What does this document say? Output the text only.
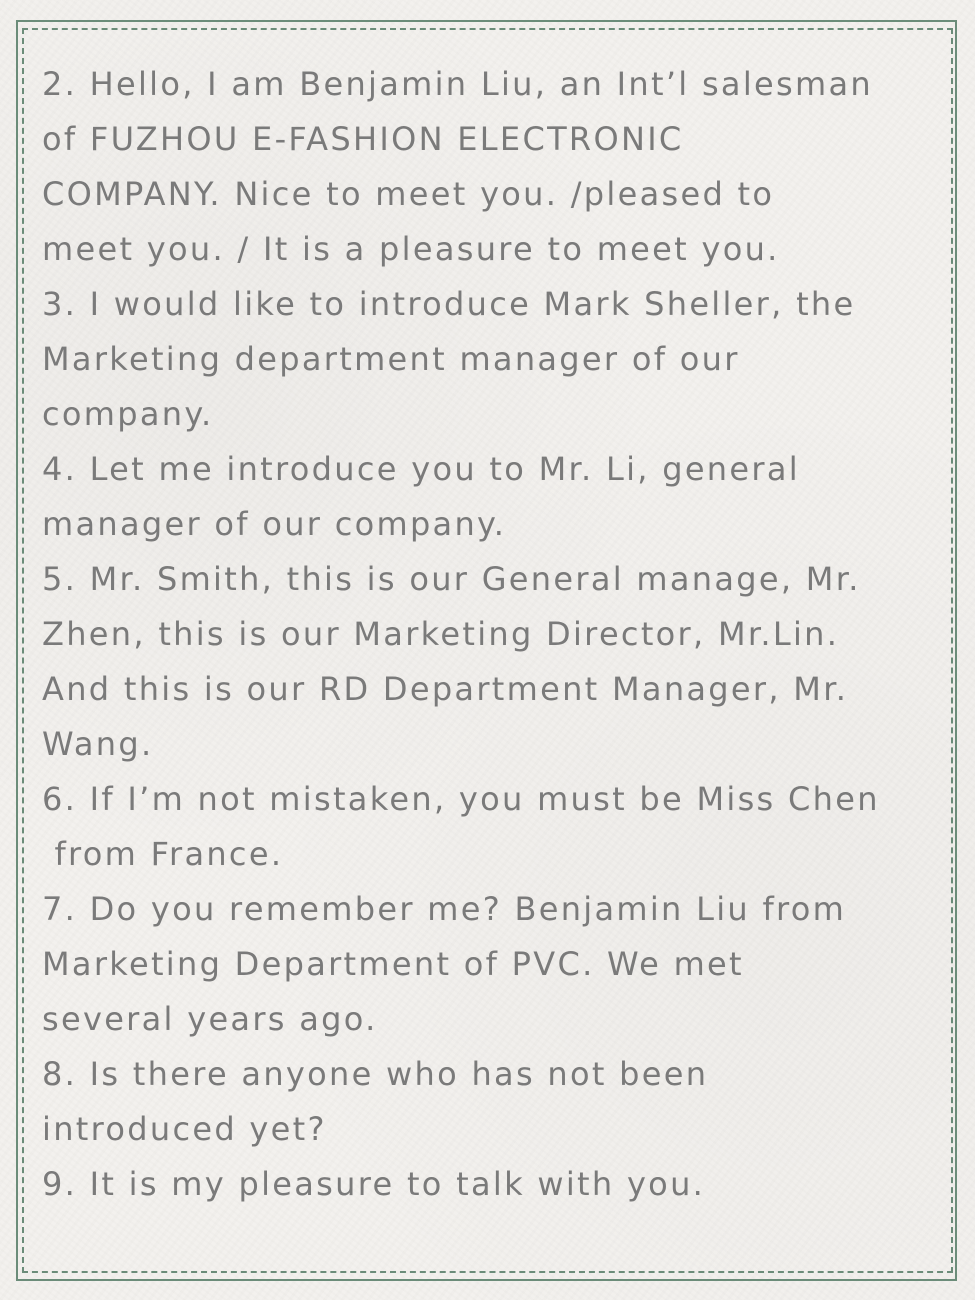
2. Hello, I am Benjamin Liu, an Int’l salesman
of FUZHOU E-FASHION ELECTRONIC
COMPANY. Nice to meet you. /pleased to
meet you. / It is a pleasure to meet you.
3. I would like to introduce Mark Sheller, the
Marketing department manager of our
company.
4. Let me introduce you to Mr. Li, general
manager of our company.
5. Mr. Smith, this is our General manage, Mr.
Zhen, this is our Marketing Director, Mr.Lin.
And this is our RD Department Manager, Mr.
Wang.
6. If I’m not mistaken, you must be Miss Chen
from France.
7. Do you remember me? Benjamin Liu from
Marketing Department of PVC. We met
several years ago.
8. Is there anyone who has not been
introduced yet?
9. It is my pleasure to talk with you.
